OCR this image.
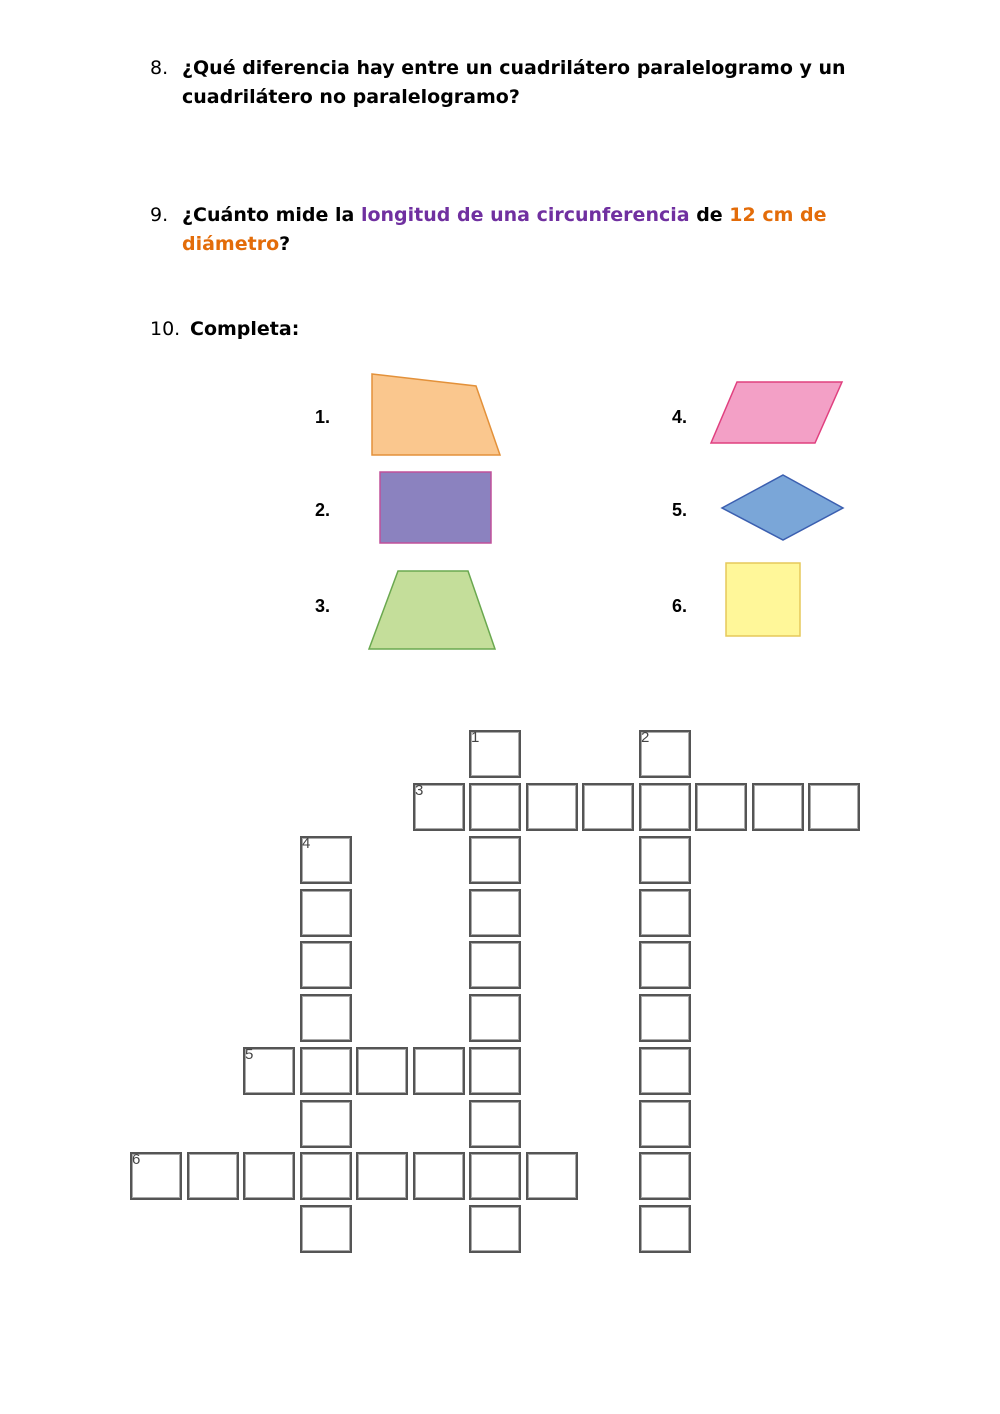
8. ¿Qué diferencia hay entre un cuadrilátero paralelogramo y un
cuadrilátero no paralelogramo?
9. ¿Cuánto mide la longitud de una circunferencia de 12 cm de
diámetro?
10. Completa:
1.
2.
3.
4.
5.
6.
1	2
3
4
5
6
